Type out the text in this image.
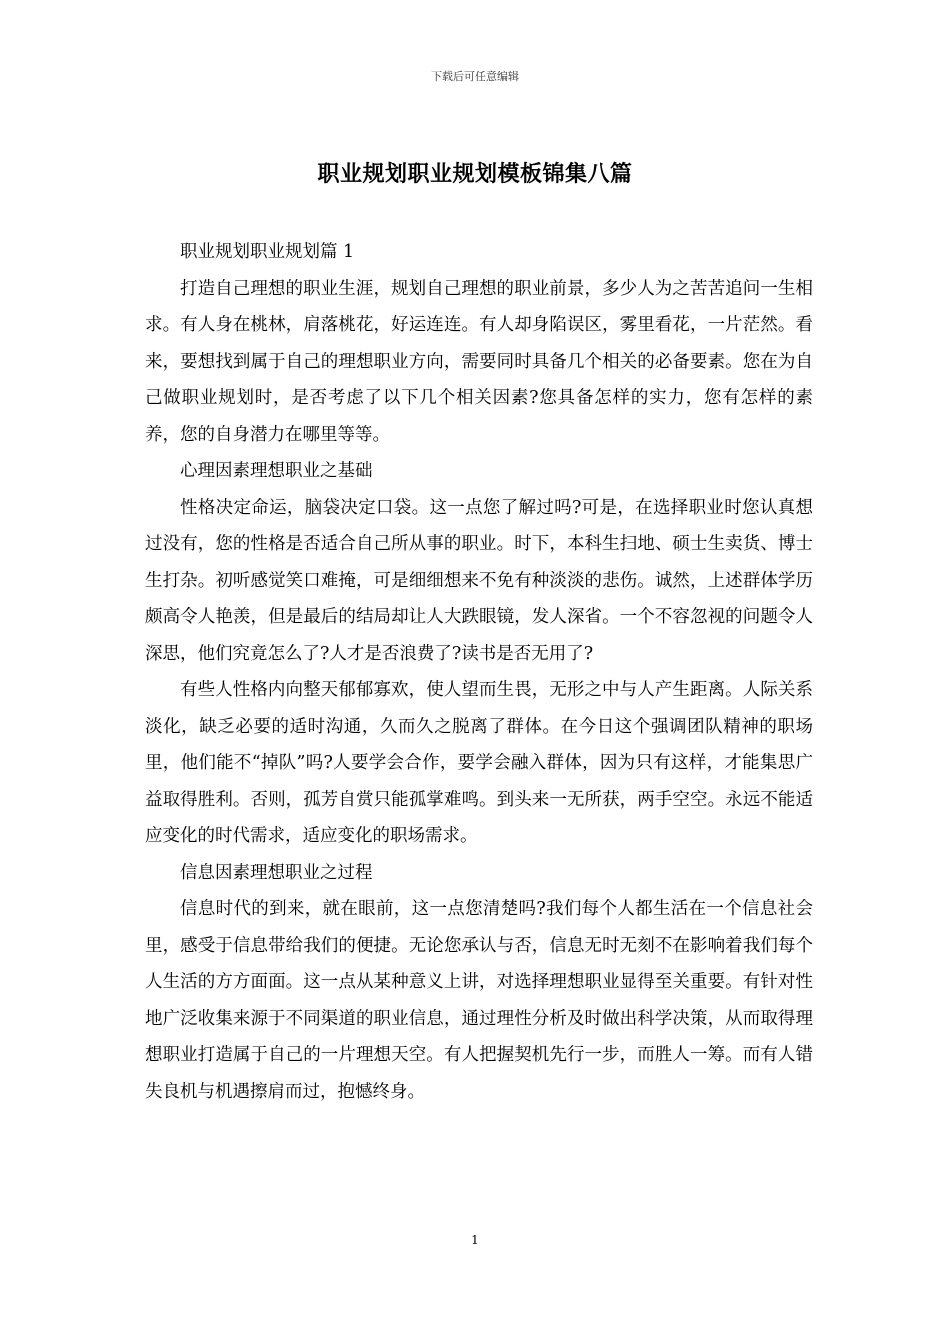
下载后可任意编辑
职业规划职业规划模板锦集八篇

职业规划职业规划篇 1

打造自己理想的职业生涯，规划自己理想的职业前景，多少人为之苦苦追问一生相求。有人身在桃林，肩落桃花，好运连连。有人却身陷误区，雾里看花，一片茫然。看来，要想找到属于自己的理想职业方向，需要同时具备几个相关的必备要素。您在为自己做职业规划时，是否考虑了以下几个相关因素?您具备怎样的实力，您有怎样的素养，您的自身潜力在哪里等等。

心理因素理想职业之基础

性格决定命运，脑袋决定口袋。这一点您了解过吗?可是，在选择职业时您认真想过没有，您的性格是否适合自己所从事的职业。时下，本科生扫地、硕士生卖货、博士生打杂。初听感觉笑口难掩，可是细细想来不免有种淡淡的悲伤。诚然，上述群体学历颇高令人艳羡，但是最后的结局却让人大跌眼镜，发人深省。一个不容忽视的问题令人深思，他们究竟怎么了?人才是否浪费了?读书是否无用了?

有些人性格内向整天郁郁寡欢，使人望而生畏，无形之中与人产生距离。人际关系淡化，缺乏必要的适时沟通，久而久之脱离了群体。在今日这个强调团队精神的职场里，他们能不“掉队”吗?人要学会合作，要学会融入群体，因为只有这样，才能集思广益取得胜利。否则，孤芳自赏只能孤掌难鸣。到头来一无所获，两手空空。永远不能适应变化的时代需求，适应变化的职场需求。

信息因素理想职业之过程

信息时代的到来，就在眼前，这一点您清楚吗?我们每个人都生活在一个信息社会里，感受于信息带给我们的便捷。无论您承认与否，信息无时无刻不在影响着我们每个人生活的方方面面。这一点从某种意义上讲，对选择理想职业显得至关重要。有针对性地广泛收集来源于不同渠道的职业信息，通过理性分析及时做出科学决策，从而取得理想职业打造属于自己的一片理想天空。有人把握契机先行一步，而胜人一筹。而有人错失良机与机遇擦肩而过，抱憾终身。

1
